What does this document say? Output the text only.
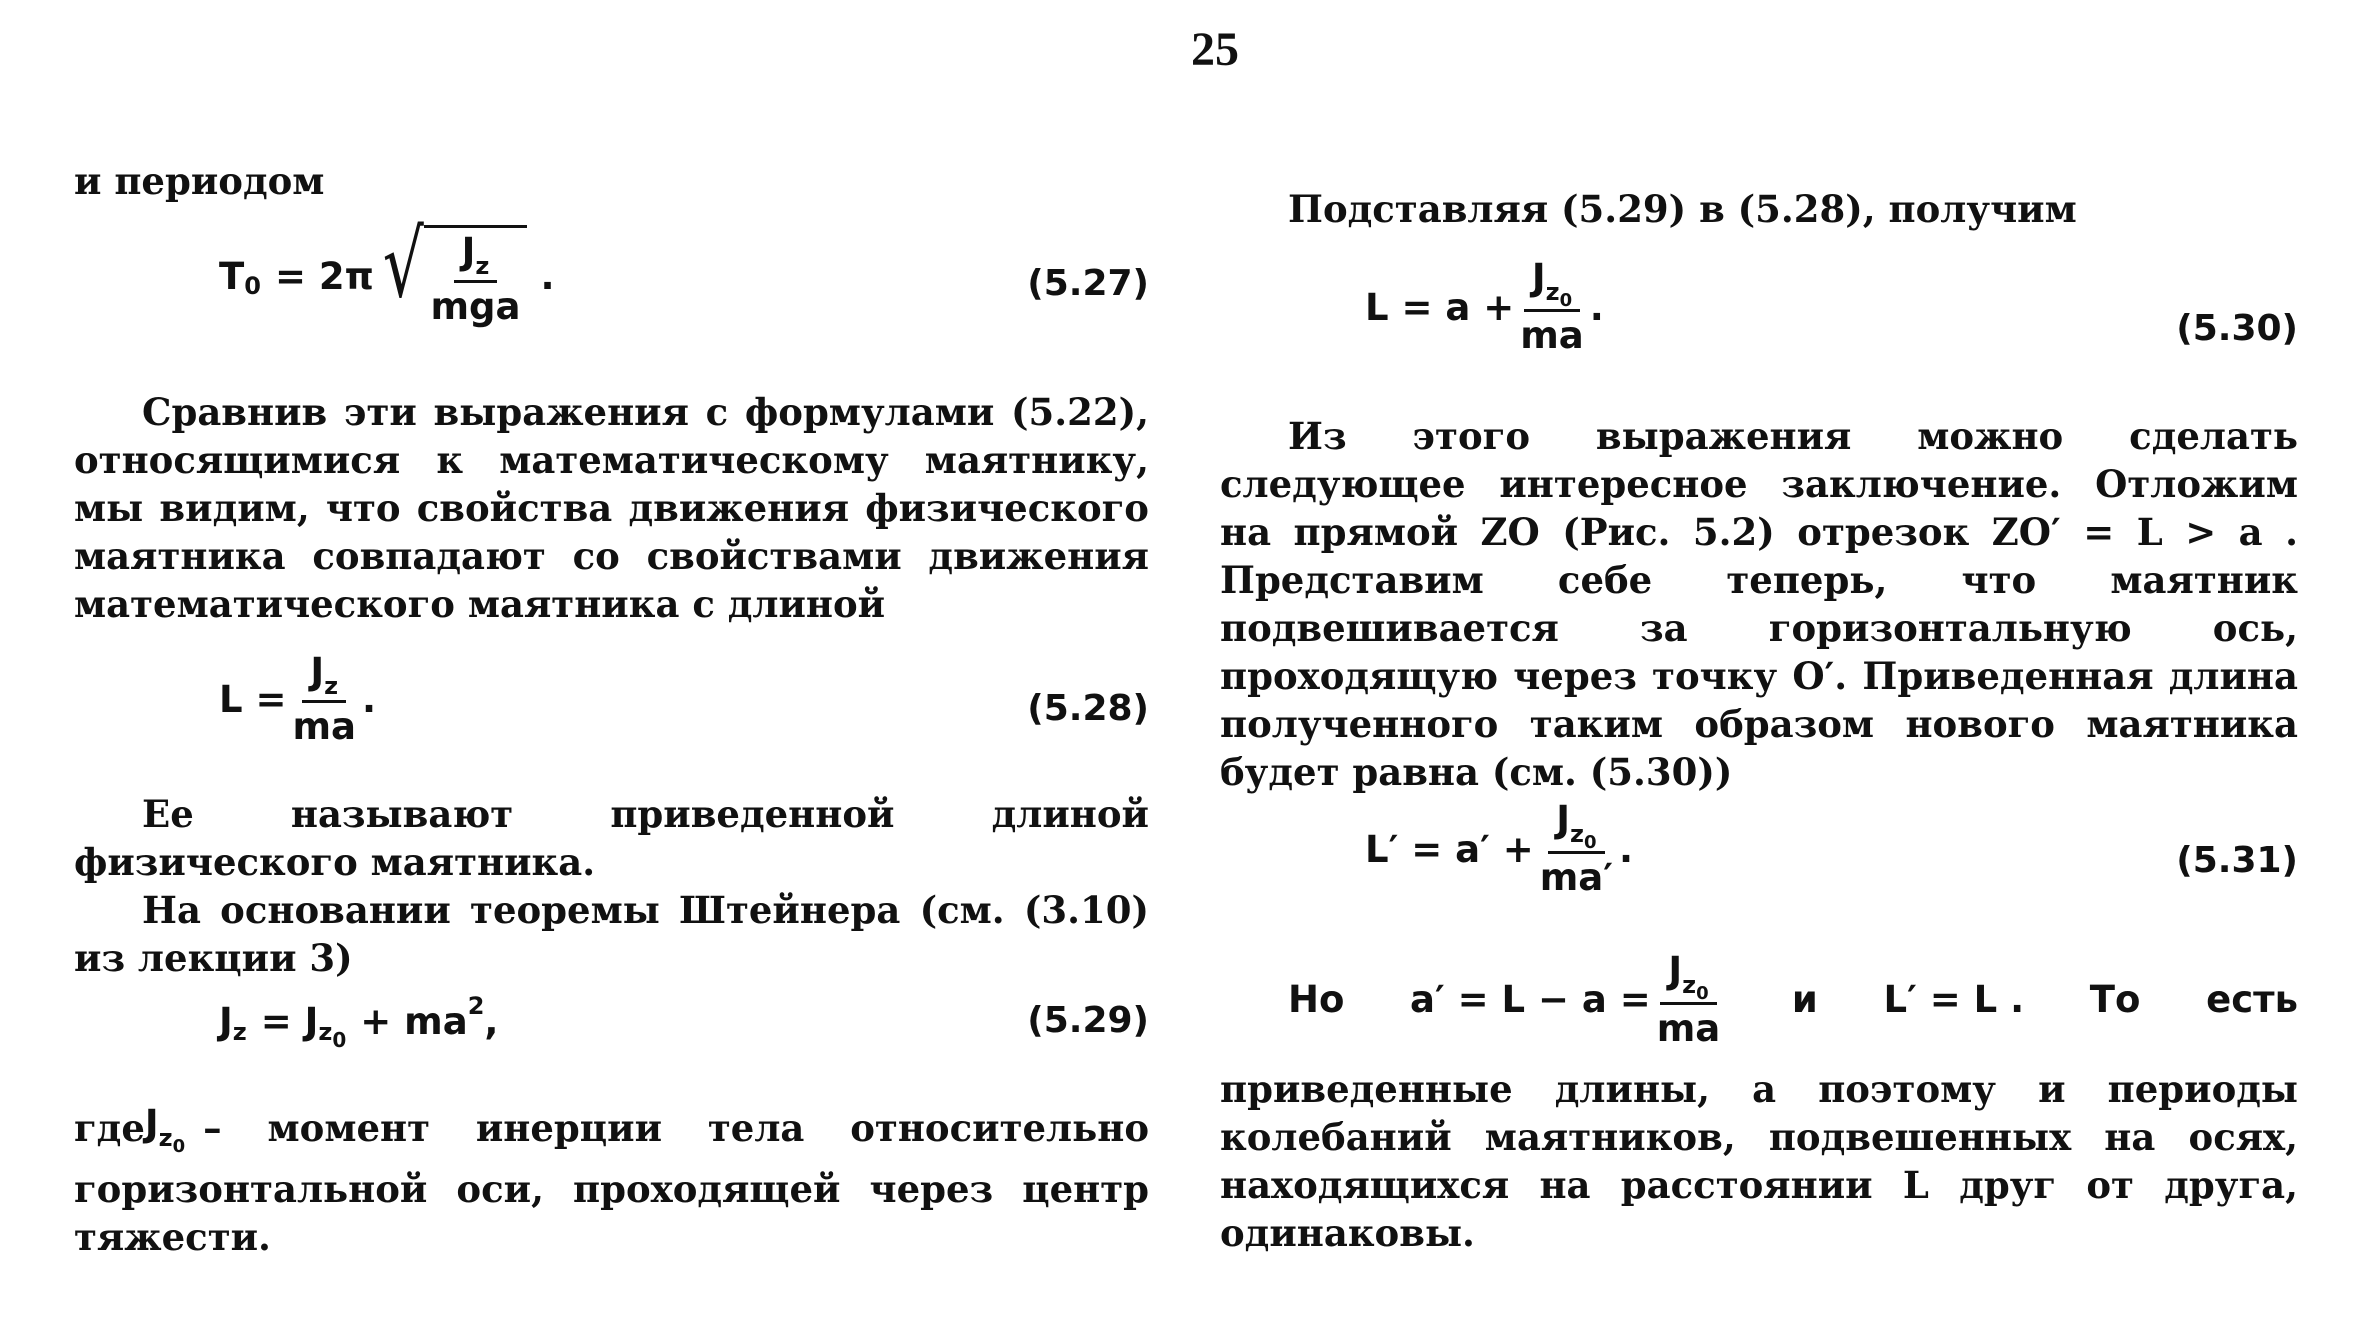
25

и периодом

T 0 = 2π √ $\frac{J_z}{\text{mga}}$ .	(5.27)

Сравнив эти выражения с формулами (5.22), относящимися к математическому маятнику, мы видим, что свойства движения физического маятника совпадают со свойствами движения математического маятника с длиной

$L = \frac{J_z}{ma}$ .	(5.28)
Ее	называют	приведенной	длиной

физического маятника.

На основании теоремы Штейнера (см. (3.10) из лекции 3)

J z = J z 0 + ma 2 ,	(5.29)
где $J_{z0}$ – момент инерции тела относительно

горизонтальной оси, проходящей через центр тяжести.

Подставляя (5.29) в (5.28), получим

$L = a + \frac{J_{z0}}{ma}$ .	(5.30)

Из этого выражения можно сделать следующее интересное заключение. Отложим на прямой ZO (Рис. 5.2) отрезок ZO′ = L > a . Представим себе теперь, что маятник подвешивается за горизонтальную ось, проходящую через точку O′. Приведенная длина полученного таким образом нового маятника будет равна (см. (5.30))

$L' = a' + \frac{J_{z0}}{ma'}$ .	(5.31)
Но $a' = L - a = \frac{J_{z0}}{ma}$ и L′ = L . То есть

приведенные длины, а поэтому и периоды колебаний маятников, подвешенных на осях, находящихся на расстоянии L друг от друга, одинаковы.
